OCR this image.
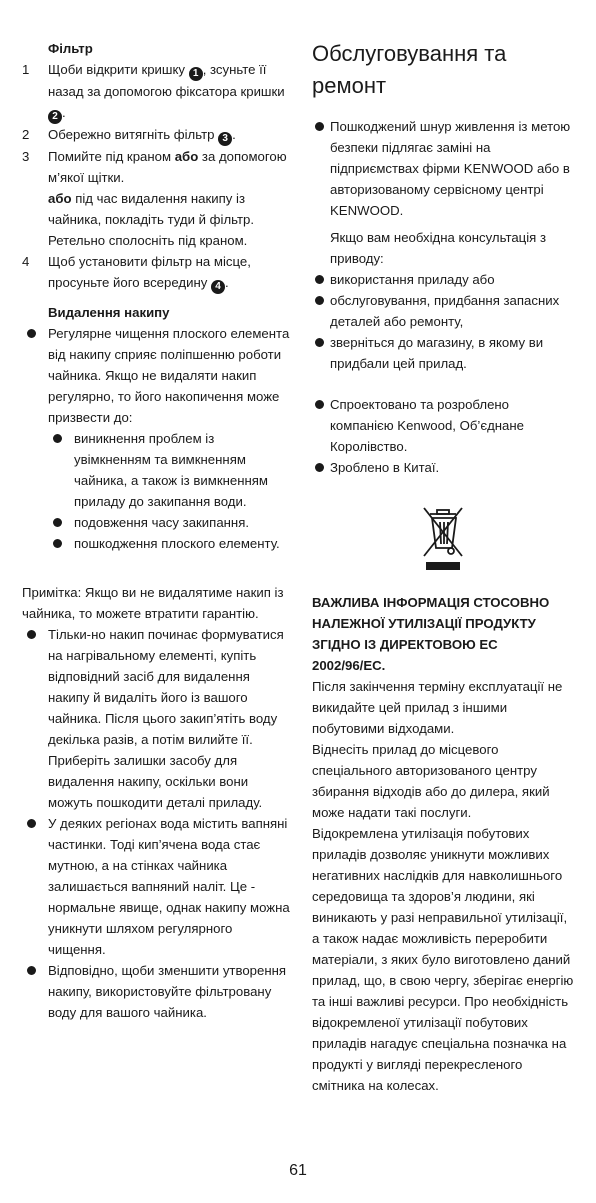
Фільтр

1	Щоби відкрити кришку 1 , зсуньте її назад за допомогою фіксатора кришки 2 .
2	Обережно витягніть фільтр 3 .
3	Помийте під краном або за допомогою м’якої щітки.

або під час видалення накипу із чайника, покладіть туди й фільтр. Ретельно сполосніть під краном.

4	Щоб установити фільтр на місце, просуньте його всередину 4 .

Видалення накипу

Регулярне чищення плоского елемента від накипу сприяє поліпшенню роботи чайника. Якщо не видаляти накип регулярно, то його накопичення може призвести до:
виникнення проблем із увімкненням та вимкненням чайника, а також із вимкненням приладу до закипання води.
подовження часу закипання.
пошкодження плоского елементу.

Примітка: Якщо ви не видалятиме накип із чайника, то можете втратити гарантію.

Тільки-но накип починає формуватися на нагрівальному елементі, купіть відповідний засіб для видалення накипу й видаліть його із вашого чайника. Після цього закип’ятіть воду декілька разів, а потім вилийте її. Приберіть залишки засобу для видалення накипу, оскільки вони можуть пошкодити деталі приладу.
У деяких регіонах вода містить вапняні частинки. Тоді кип’ячена вода стає мутною, а на стінках чайника залишається вапняний наліт. Це - нормальне явище, однак накипу можна уникнути шляхом регулярного чищення.
Відповідно, щоби зменшити утворення накипу, використовуйте фільтровану воду для вашого чайника.

Обслуговування та ремонт

Пошкоджений шнур живлення із метою безпеки підлягає заміні на підприємствах фірми KENWOOD або в авторизованому сервісному центрі KENWOOD.

Якщо вам необхідна консультація з приводу:

використання приладу або
обслуговування, придбання запасних деталей або ремонту,
зверніться до магазину, в якому ви придбали цей прилад.
Спроектовано та розроблено компанією Kenwood, Об’єднане Королівство.
Зроблено в Китаї.

ВАЖЛИВА ІНФОРМАЦІЯ СТОСОВНО НАЛЕЖНОЇ УТИЛІЗАЦІЇ ПРОДУКТУ ЗГІДНО ІЗ ДИРЕКТОВОЮ ЕС 2002/96/EC.

Після закінчення терміну експлуатації не викидайте цей прилад з іншими побутовими відходами.

Віднесіть прилад до місцевого спеціального авторизованого центру збирання відходів або до дилера, який може надати такі послуги.

Відокремлена утилізація побутових приладів дозволяє уникнути можливих негативних наслідків для навколишнього середовища та здоров’я людини, які виникають у разі неправильної утилізації, а також надає можливість переробити матеріали, з яких було виготовлено даний прилад, що, в свою чергу, зберігає енергію та інші важливі ресурси. Про необхідність відокремленої утилізації побутових приладів нагадує спеціальна позначка на продукті у вигляді перекресленого смітника на колесах.

61
